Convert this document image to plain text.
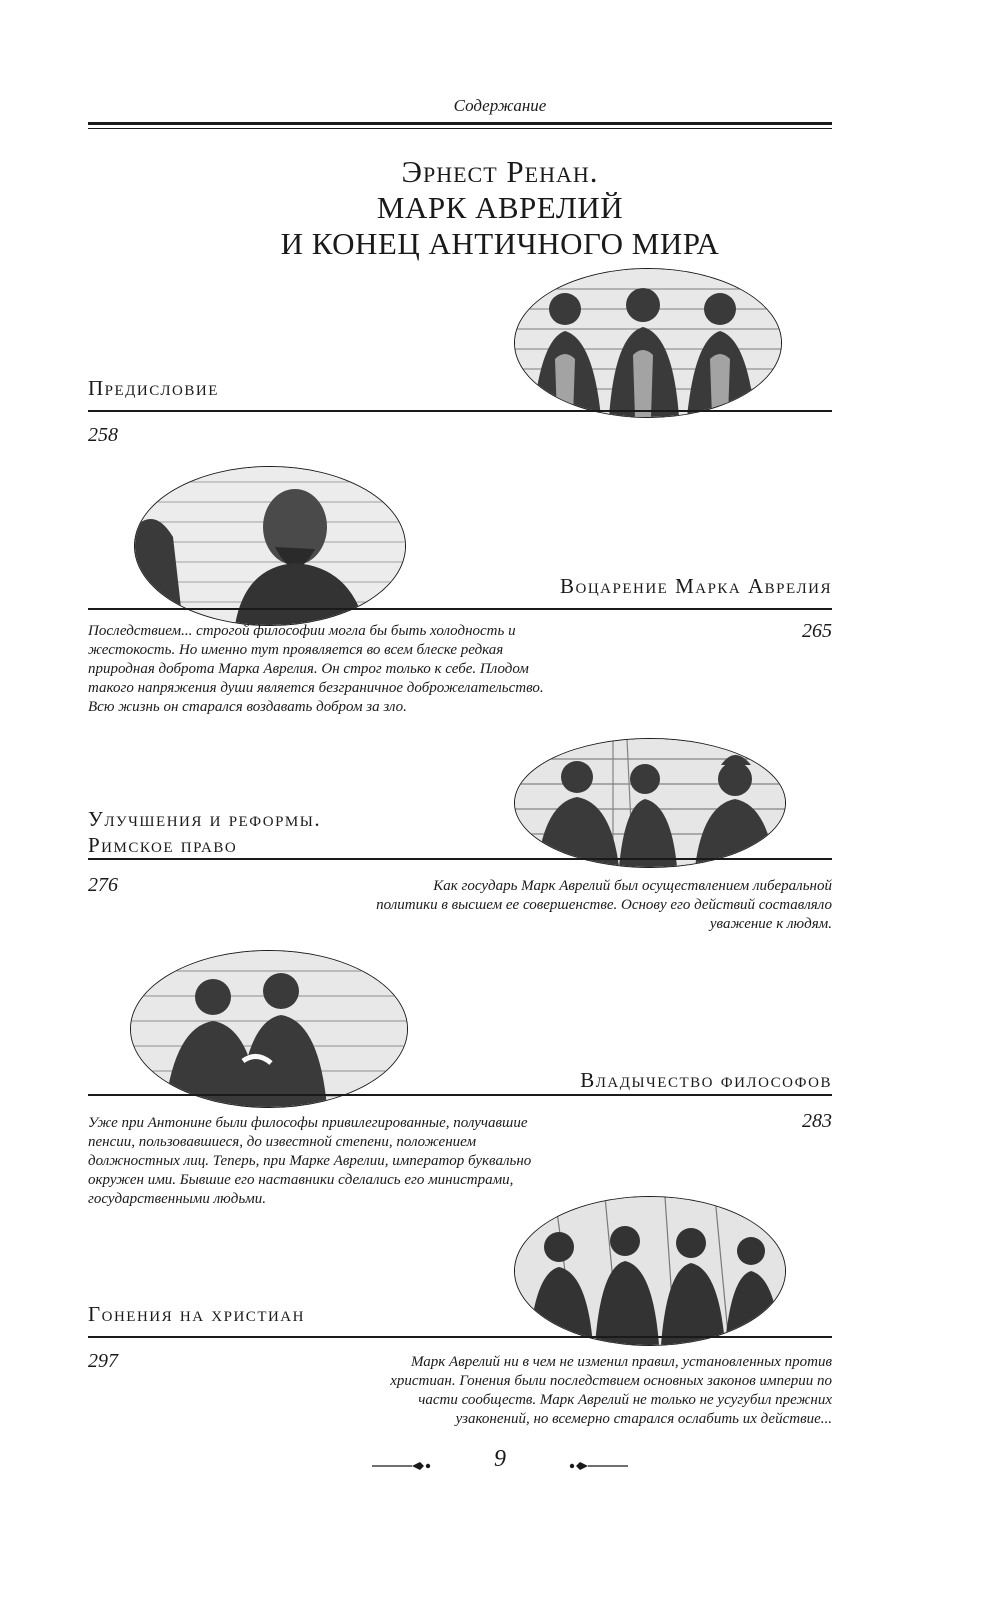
Содержание
Эрнест Ренан.
МАРК АВРЕЛИЙ
И КОНЕЦ АНТИЧНОГО МИРА
Предисловие
258
Воцарение Марка Аврелия
265
Последствием... строгой философии могла бы быть холодность и жестокость. Но именно тут проявляется во всем блеске редкая природная доброта Марка Аврелия. Он строг только к себе. Плодом такого напряжения души является безграничное доброжелательство. Всю жизнь он старался воздавать добром за зло.
Улучшения и реформы.
Римское право
276	Как государь Марк Аврелий был осуществлением либеральной политики в высшем ее совершенстве. Основу его действий составляло уважение к людям.
Владычество философов
283
Уже при Антонине были философы привилегированные, получавшие пенсии, пользовавшиеся, до известной степени, положением должностных лиц. Теперь, при Марке Аврелии, император буквально окружен ими. Бывшие его наставники сделались его министрами, государственными людьми.
Гонения на христиан
297	Марк Аврелий ни в чем не изменил правил, установленных против христиан. Гонения были последствием основных законов империи по части сообществ. Марк Аврелий не только не усугубил прежних узаконений, но всемерно старался ослабить их действие...
9
